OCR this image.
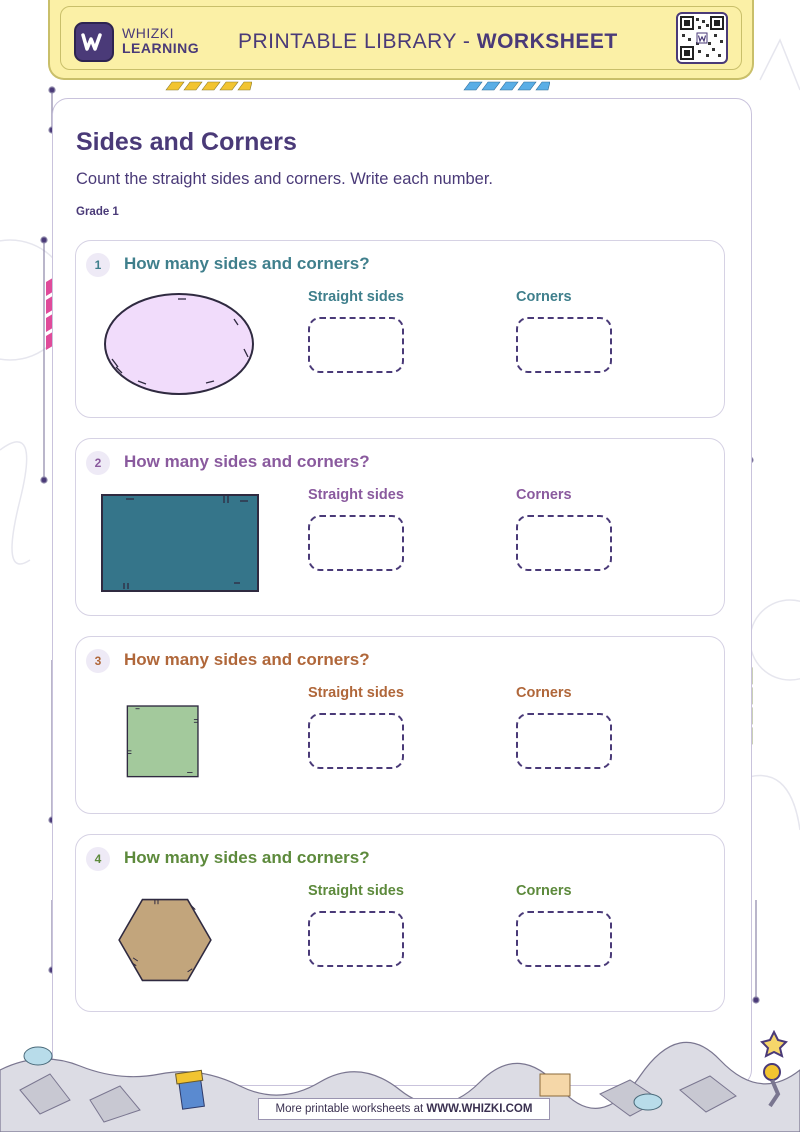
WHIZKI
LEARNING PRINTABLE LIBRARY - WORKSHEET
Sides and Corners
Count the straight sides and corners. Write each number.
Grade 1
1	How many sides and corners?
Straight sides	Corners
2	How many sides and corners?
Straight sides	Corners
3	How many sides and corners?
Straight sides	Corners
4	How many sides and corners?
Straight sides	Corners
More printable worksheets at WWW.WHIZKI.COM
